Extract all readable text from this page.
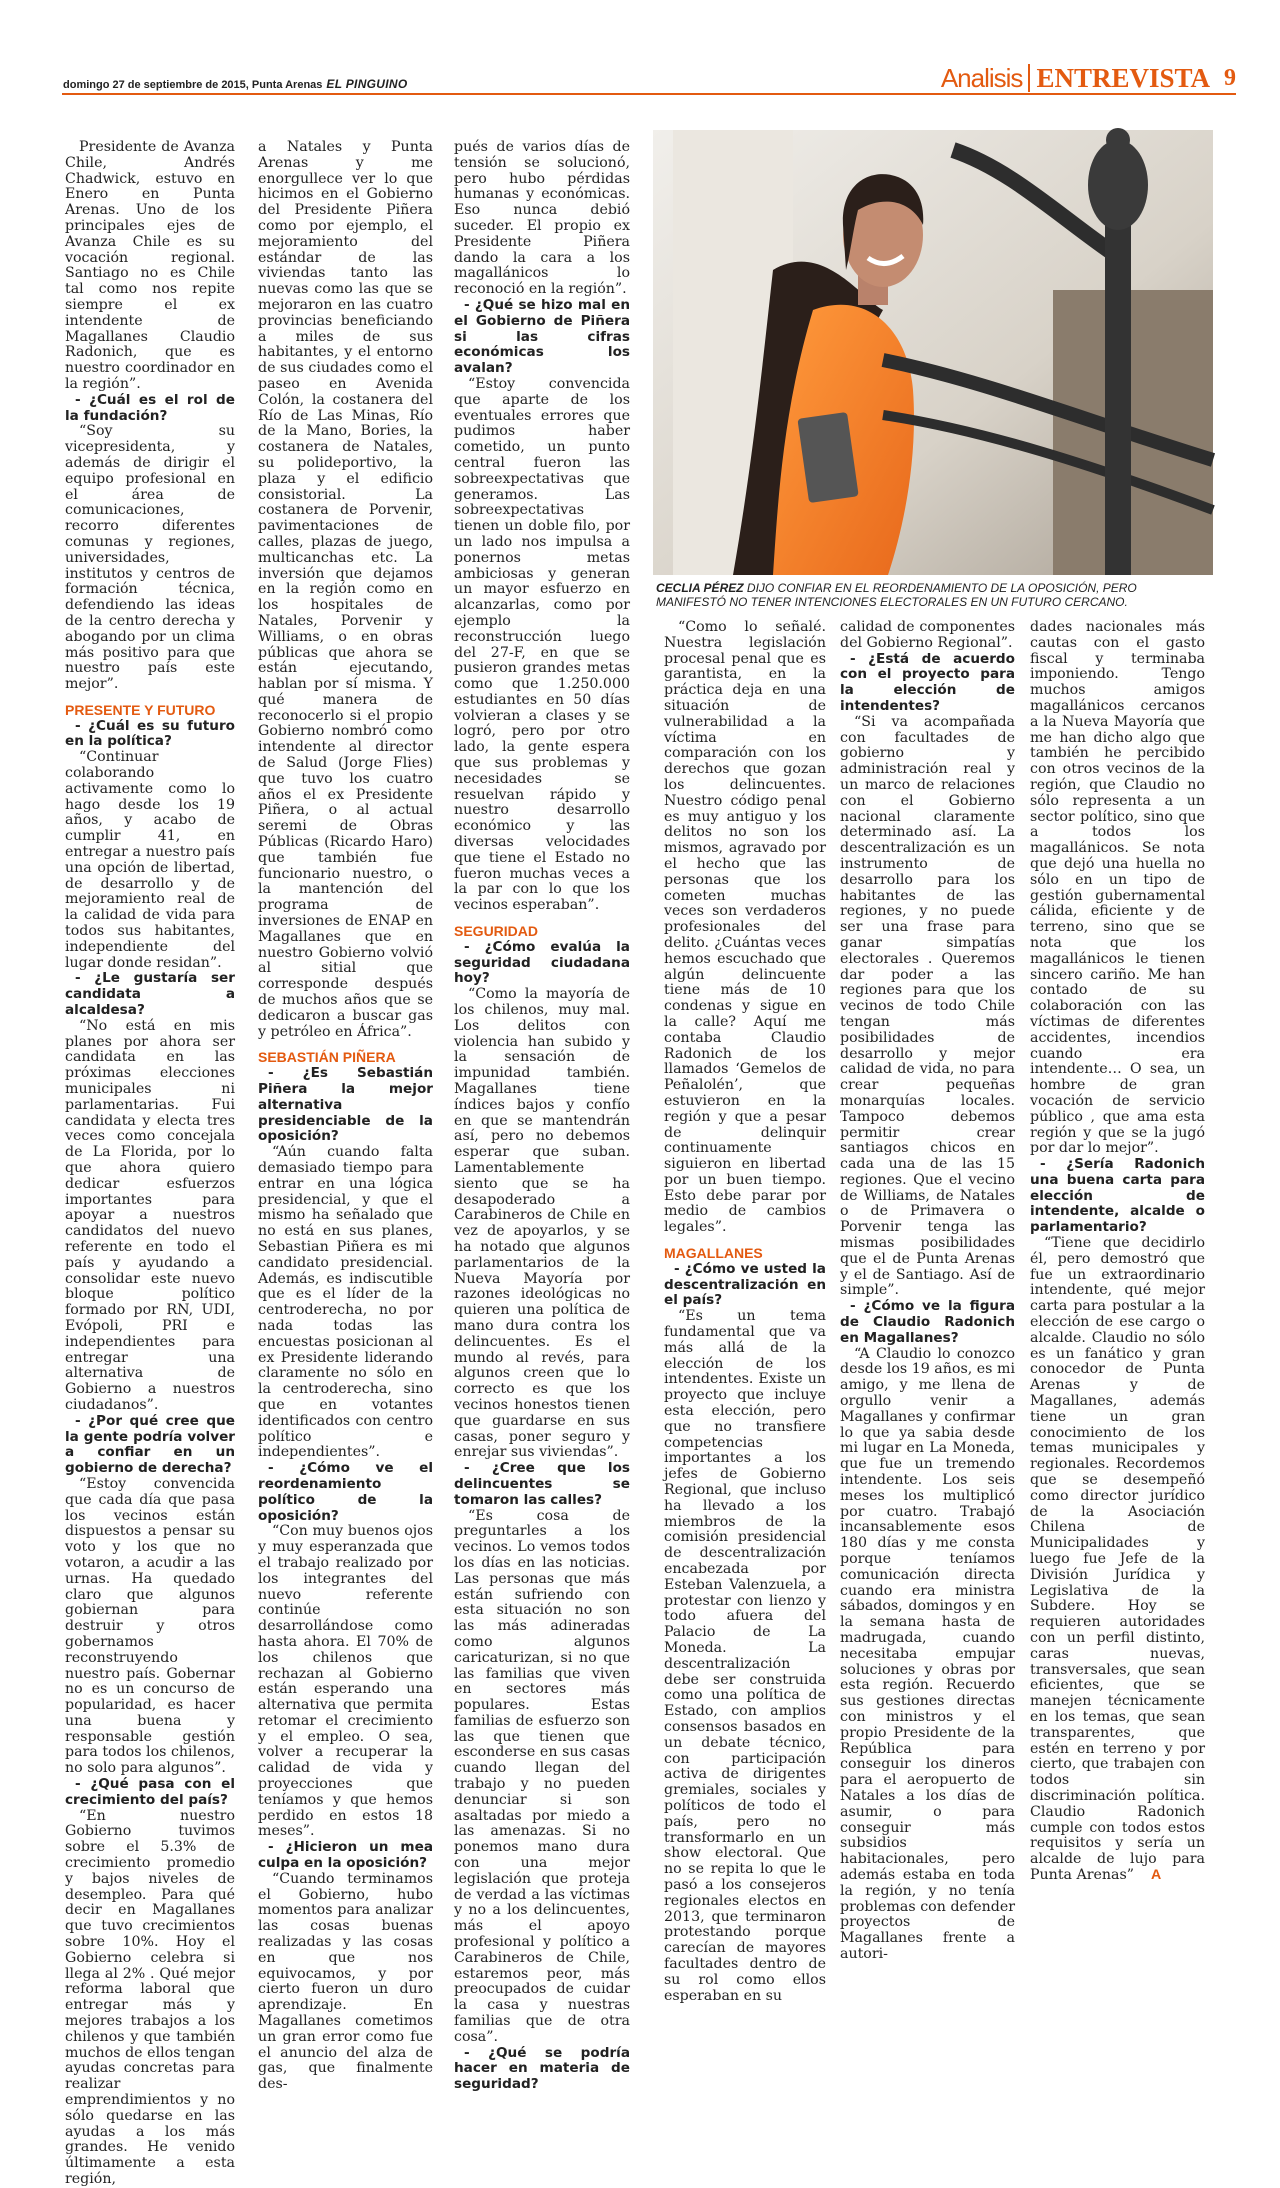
domingo 27 de septiembre de 2015, Punta Arenas EL PINGUINO	Analisis ENTREVISTA 9

Presidente de Avanza Chile, Andrés Chadwick, estuvo en Enero en Punta Arenas. Uno de los principales ejes de Avanza Chile es su vocación regional. Santiago no es Chile tal como nos repite siempre el ex intendente de Magallanes Claudio Radonich, que es nuestro coordinador en la región”.

- ¿Cuál es el rol de la fundación?

“Soy su vicepresidenta, y además de dirigir el equipo profesional en el área de comunicaciones, recorro diferentes comunas y regiones, universidades, institutos y centros de formación técnica, defendiendo las ideas de la centro derecha y abogando por un clima más positivo para que nuestro país este mejor”.

PRESENTE Y FUTURO

- ¿Cuál es su futuro en la política?

“Continuar colaborando activamente como lo hago desde los 19 años, y acabo de cumplir 41, en entregar a nuestro país una opción de libertad, de desarrollo y de mejoramiento real de la calidad de vida para todos sus habitantes, independiente del lugar donde residan”.

- ¿Le gustaría ser candidata a alcaldesa?

“No está en mis planes por ahora ser candidata en las próximas elecciones municipales ni parlamentarias. Fui candidata y electa tres veces como concejala de La Florida, por lo que ahora quiero dedicar esfuerzos importantes para apoyar a nuestros candidatos del nuevo referente en todo el país y ayudando a consolidar este nuevo bloque político formado por RN, UDI, Evópoli, PRI e independientes para entregar una alternativa de Gobierno a nuestros ciudadanos”.

- ¿Por qué cree que la gente podría volver a confiar en un gobierno de derecha?

“Estoy convencida que cada día que pasa los vecinos están dispuestos a pensar su voto y los que no votaron, a acudir a las urnas. Ha quedado claro que algunos gobiernan para destruir y otros gobernamos reconstruyendo nuestro país. Gobernar no es un concurso de popularidad, es hacer una buena y responsable gestión para todos los chilenos, no solo para algunos”.

- ¿Qué pasa con el crecimiento del país?

“En nuestro Gobierno tuvimos sobre el 5.3% de crecimiento promedio y bajos niveles de desempleo. Para qué decir en Magallanes que tuvo crecimientos sobre 10%. Hoy el Gobierno celebra si llega al 2% . Qué mejor reforma laboral que entregar más y mejores trabajos a los chilenos y que también muchos de ellos tengan ayudas concretas para realizar emprendimientos y no sólo quedarse en las ayudas a los más grandes. He venido últimamente a esta región,

a Natales y Punta Arenas y me enorgullece ver lo que hicimos en el Gobierno del Presidente Piñera como por ejemplo, el mejoramiento del estándar de las viviendas tanto las nuevas como las que se mejoraron en las cuatro provincias beneficiando a miles de sus habitantes, y el entorno de sus ciudades como el paseo en Avenida Colón, la costanera del Río de Las Minas, Río de la Mano, Bories, la costanera de Natales, su polideportivo, la plaza y el edificio consistorial. La costanera de Porvenir, pavimentaciones de calles, plazas de juego, multicanchas etc. La inversión que dejamos en la región como en los hospitales de Natales, Porvenir y Williams, o en obras públicas que ahora se están ejecutando, hablan por sí misma. Y qué manera de reconocerlo si el propio Gobierno nombró como intendente al director de Salud (Jorge Flies) que tuvo los cuatro años el ex Presidente Piñera, o al actual seremi de Obras Públicas (Ricardo Haro) que también fue funcionario nuestro, o la mantención del programa de inversiones de ENAP en Magallanes que en nuestro Gobierno volvió al sitial que corresponde después de muchos años que se dedicaron a buscar gas y petróleo en África”.

SEBASTIÁN PIÑERA

- ¿Es Sebastián Piñera la mejor alternativa presidenciable de la oposición?

“Aún cuando falta demasiado tiempo para entrar en una lógica presidencial, y que el mismo ha señalado que no está en sus planes, Sebastian Piñera es mi candidato presidencial. Además, es indiscutible que es el líder de la centroderecha, no por nada todas las encuestas posicionan al ex Presidente liderando claramente no sólo en la centroderecha, sino que en votantes identificados con centro político e independientes”.

- ¿Cómo ve el reordenamiento político de la oposición?

“Con muy buenos ojos y muy esperanzada que el trabajo realizado por los integrantes del nuevo referente continúe desarrollándose como hasta ahora. El 70% de los chilenos que rechazan al Gobierno están esperando una alternativa que permita retomar el crecimiento y el empleo. O sea, volver a recuperar la calidad de vida y proyecciones que teníamos y que hemos perdido en estos 18 meses”.

- ¿Hicieron un mea culpa en la oposición?

“Cuando terminamos el Gobierno, hubo momentos para analizar las cosas buenas realizadas y las cosas en que nos equivocamos, y por cierto fueron un duro aprendizaje. En Magallanes cometimos un gran error como fue el anuncio del alza de gas, que finalmente des-

pués de varios días de tensión se solucionó, pero hubo pérdidas humanas y económicas. Eso nunca debió suceder. El propio ex Presidente Piñera dando la cara a los magallánicos lo reconoció en la región”.

- ¿Qué se hizo mal en el Gobierno de Piñera si las cifras económicas los avalan?

“Estoy convencida que aparte de los eventuales errores que pudimos haber cometido, un punto central fueron las sobreexpectativas que generamos. Las sobreexpectativas tienen un doble filo, por un lado nos impulsa a ponernos metas ambiciosas y generan un mayor esfuerzo en alcanzarlas, como por ejemplo la reconstrucción luego del 27-F, en que se pusieron grandes metas como que 1.250.000 estudiantes en 50 días volvieran a clases y se logró, pero por otro lado, la gente espera que sus problemas y necesidades se resuelvan rápido y nuestro desarrollo económico y las diversas velocidades que tiene el Estado no fueron muchas veces a la par con lo que los vecinos esperaban”.

SEGURIDAD

- ¿Cómo evalúa la seguridad ciudadana hoy?

“Como la mayoría de los chilenos, muy mal. Los delitos con violencia han subido y la sensación de impunidad también. Magallanes tiene índices bajos y confío en que se mantendrán así, pero no debemos esperar que suban. Lamentablemente siento que se ha desapoderado a Carabineros de Chile en vez de apoyarlos, y se ha notado que algunos parlamentarios de la Nueva Mayoría por razones ideológicas no quieren una política de mano dura contra los delincuentes. Es el mundo al revés, para algunos creen que lo correcto es que los vecinos honestos tienen que guardarse en sus casas, poner seguro y enrejar sus viviendas”.

- ¿Cree que los delincuentes se tomaron las calles?

“Es cosa de preguntarles a los vecinos. Lo vemos todos los días en las noticias. Las personas que más están sufriendo con esta situación no son las más adineradas como algunos caricaturizan, si no que las familias que viven en sectores más populares. Estas familias de esfuerzo son las que tienen que esconderse en sus casas cuando llegan del trabajo y no pueden denunciar si son asaltadas por miedo a las amenazas. Si no ponemos mano dura con una mejor legislación que proteja de verdad a las víctimas y no a los delincuentes, más el apoyo profesional y político a Carabineros de Chile, estaremos peor, más preocupados de cuidar la casa y nuestras familias que de otra cosa”.

- ¿Qué se podría hacer en materia de seguridad?

CECLIA PÉREZ DIJO CONFIAR EN EL REORDENAMIENTO DE LA OPOSICIÓN, PERO MANIFESTÓ NO TENER INTENCIONES ELECTORALES EN UN FUTURO CERCANO.

“Como lo señalé. Nuestra legislación procesal penal que es garantista, en la práctica deja en una situación de vulnerabilidad a la víctima en comparación con los derechos que gozan los delincuentes. Nuestro código penal es muy antiguo y los delitos no son los mismos, agravado por el hecho que las personas que los cometen muchas veces son verdaderos profesionales del delito. ¿Cuántas veces hemos escuchado que algún delincuente tiene más de 10 condenas y sigue en la calle? Aquí me contaba Claudio Radonich de los llamados ‘Gemelos de Peñalolén’, que estuvieron en la región y que a pesar de delinquir continuamente siguieron en libertad por un buen tiempo. Esto debe parar por medio de cambios legales”.

MAGALLANES

- ¿Cómo ve usted la descentralización en el país?

“Es un tema fundamental que va más allá de la elección de los intendentes. Existe un proyecto que incluye esta elección, pero que no transfiere competencias importantes a los jefes de Gobierno Regional, que incluso ha llevado a los miembros de la comisión presidencial de descentralización encabezada por Esteban Valenzuela, a protestar con lienzo y todo afuera del Palacio de La Moneda. La descentralización debe ser construida como una política de Estado, con amplios consensos basados en un debate técnico, con participación activa de dirigentes gremiales, sociales y políticos de todo el país, pero no transformarlo en un show electoral. Que no se repita lo que le pasó a los consejeros regionales electos en 2013, que terminaron protestando porque carecían de mayores facultades dentro de su rol como ellos esperaban en su

calidad de componentes del Gobierno Regional”.

- ¿Está de acuerdo con el proyecto para la elección de intendentes?

“Si va acompañada con facultades de gobierno y administración real y un marco de relaciones con el Gobierno nacional claramente determinado así. La descentralización es un instrumento de desarrollo para los habitantes de las regiones, y no puede ser una frase para ganar simpatías electorales . Queremos dar poder a las regiones para que los vecinos de todo Chile tengan más posibilidades de desarrollo y mejor calidad de vida, no para crear pequeñas monarquías locales. Tampoco debemos permitir crear santiagos chicos en cada una de las 15 regiones. Que el vecino de Williams, de Natales o de Primavera o Porvenir tenga las mismas posibilidades que el de Punta Arenas y el de Santiago. Así de simple”.

- ¿Cómo ve la figura de Claudio Radonich en Magallanes?

“A Claudio lo conozco desde los 19 años, es mi amigo, y me llena de orgullo venir a Magallanes y confirmar lo que ya sabia desde mi lugar en La Moneda, que fue un tremendo intendente. Los seis meses los multiplicó por cuatro. Trabajó incansablemente esos 180 días y me consta porque teníamos comunicación directa cuando era ministra sábados, domingos y en la semana hasta de madrugada, cuando necesitaba empujar soluciones y obras por esta región. Recuerdo sus gestiones directas con ministros y el propio Presidente de la República para conseguir los dineros para el aeropuerto de Natales a los días de asumir, o para conseguir más subsidios habitacionales, pero además estaba en toda la región, y no tenía problemas con defender proyectos de Magallanes frente a autori-

dades nacionales más cautas con el gasto fiscal y terminaba imponiendo. Tengo muchos amigos magallánicos cercanos a la Nueva Mayoría que me han dicho algo que también he percibido con otros vecinos de la región, que Claudio no sólo representa a un sector político, sino que a todos los magallánicos. Se nota que dejó una huella no sólo en un tipo de gestión gubernamental cálida, eficiente y de terreno, sino que se nota que los magallánicos le tienen sincero cariño. Me han contado de su colaboración con las víctimas de diferentes accidentes, incendios cuando era intendente… O sea, un hombre de gran vocación de servicio público , que ama esta región y que se la jugó por dar lo mejor”.

- ¿Sería Radonich una buena carta para elección de intendente, alcalde o parlamentario?

“Tiene que decidirlo él, pero demostró que fue un extraordinario intendente, qué mejor carta para postular a la elección de ese cargo o alcalde. Claudio no sólo es un fanático y gran conocedor de Punta Arenas y de Magallanes, además tiene un gran conocimiento de los temas municipales y regionales. Recordemos que se desempeñó como director jurídico de la Asociación Chilena de Municipalidades y luego fue Jefe de la División Jurídica y Legislativa de la Subdere. Hoy se requieren autoridades con un perfil distinto, caras nuevas, transversales, que sean eficientes, que se manejen técnicamente en los temas, que sean transparentes, que estén en terreno y por cierto, que trabajen con todos sin discriminación política. Claudio Radonich cumple con todos estos requisitos y sería un alcalde de lujo para Punta Arenas” A
